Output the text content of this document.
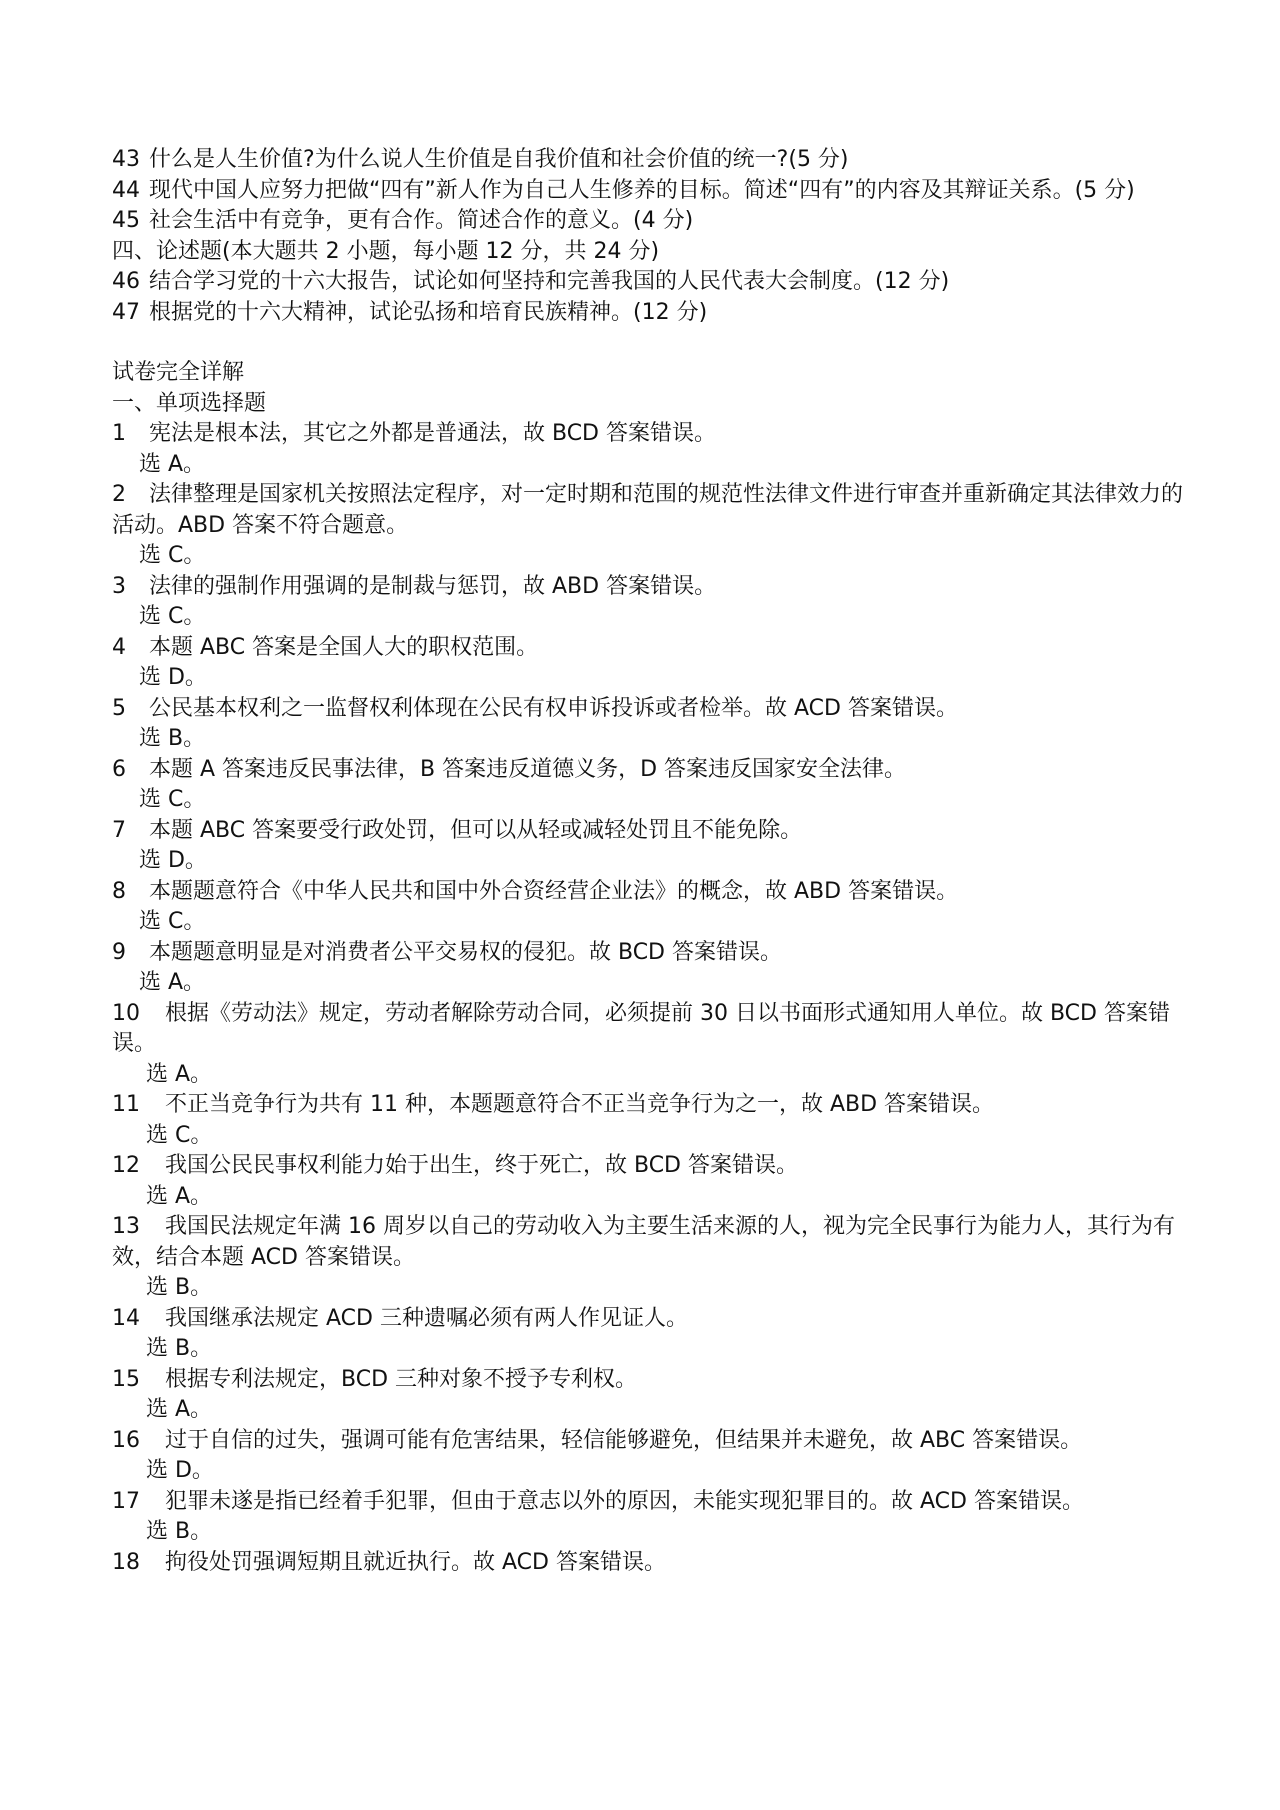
43 什么是人生价值?为什么说人生价值是自我价值和社会价值的统一?(5 分)
44 现代中国人应努力把做“四有”新人作为自己人生修养的目标。简述“四有”的内容及其辩证关系。(5 分)
45 社会生活中有竞争，更有合作。简述合作的意义。(4 分)
四、论述题(本大题共 2 小题，每小题 12 分，共 24 分)
46 结合学习党的十六大报告，试论如何坚持和完善我国的人民代表大会制度。(12 分)
47 根据党的十六大精神，试论弘扬和培育民族精神。(12 分)
试卷完全详解
一、单项选择题
1 宪法是根本法，其它之外都是普通法，故 BCD 答案错误。
选 A。
2 法律整理是国家机关按照法定程序，对一定时期和范围的规范性法律文件进行审查并重新确定其法律效力的活动。ABD 答案不符合题意。
选 C。
3 法律的强制作用强调的是制裁与惩罚，故 ABD 答案错误。
选 C。
4 本题 ABC 答案是全国人大的职权范围。
选 D。
5 公民基本权利之一监督权利体现在公民有权申诉投诉或者检举。故 ACD 答案错误。
选 B。
6 本题 A 答案违反民事法律，B 答案违反道德义务，D 答案违反国家安全法律。
选 C。
7 本题 ABC 答案要受行政处罚，但可以从轻或减轻处罚且不能免除。
选 D。
8 本题题意符合《中华人民共和国中外合资经营企业法》的概念，故 ABD 答案错误。
选 C。
9 本题题意明显是对消费者公平交易权的侵犯。故 BCD 答案错误。
选 A。
10 根据《劳动法》规定，劳动者解除劳动合同，必须提前 30 日以书面形式通知用人单位。故 BCD 答案错误。
选 A。
11 不正当竞争行为共有 11 种，本题题意符合不正当竞争行为之一，故 ABD 答案错误。
选 C。
12 我国公民民事权利能力始于出生，终于死亡，故 BCD 答案错误。
选 A。
13 我国民法规定年满 16 周岁以自己的劳动收入为主要生活来源的人，视为完全民事行为能力人，其行为有效，结合本题 ACD 答案错误。
选 B。
14 我国继承法规定 ACD 三种遗嘱必须有两人作见证人。
选 B。
15 根据专利法规定，BCD 三种对象不授予专利权。
选 A。
16 过于自信的过失，强调可能有危害结果，轻信能够避免，但结果并未避免，故 ABC 答案错误。
选 D。
17 犯罪未遂是指已经着手犯罪，但由于意志以外的原因，未能实现犯罪目的。故 ACD 答案错误。
选 B。
18 拘役处罚强调短期且就近执行。故 ACD 答案错误。
